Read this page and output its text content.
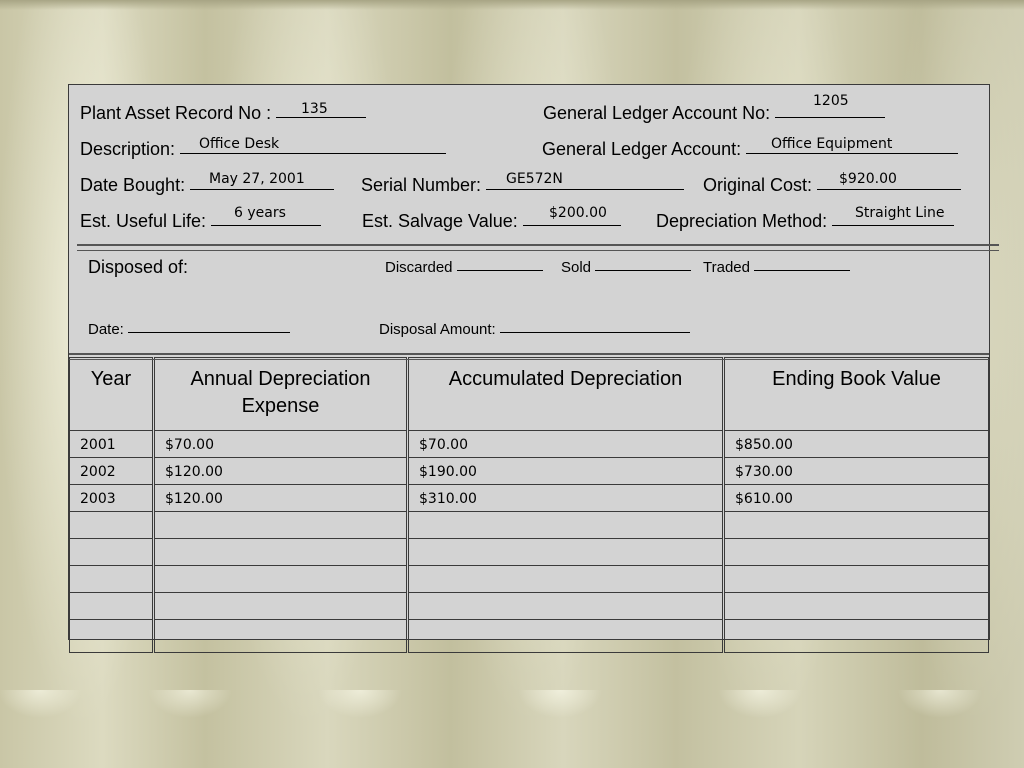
Plant Asset Record No :	135	General Ledger Account No:
1205
Description:	Office Desk	General Ledger Account:	Office Equipment
Date Bought:	May 27, 2001	Serial Number:	GE572N	Original Cost:	$920.00
Est. Useful Life:	6 years	Est. Salvage Value:	$200.00	Depreciation Method:	Straight Line
Disposed of:	Discarded	Sold	Traded
Date:	Disposal Amount:
Year	Annual Depreciation Expense	Accumulated Depreciation	Ending Book Value
2001	$70.00	$70.00	$850.00
2002	$120.00	$190.00	$730.00
2003	$120.00	$310.00	$610.00
